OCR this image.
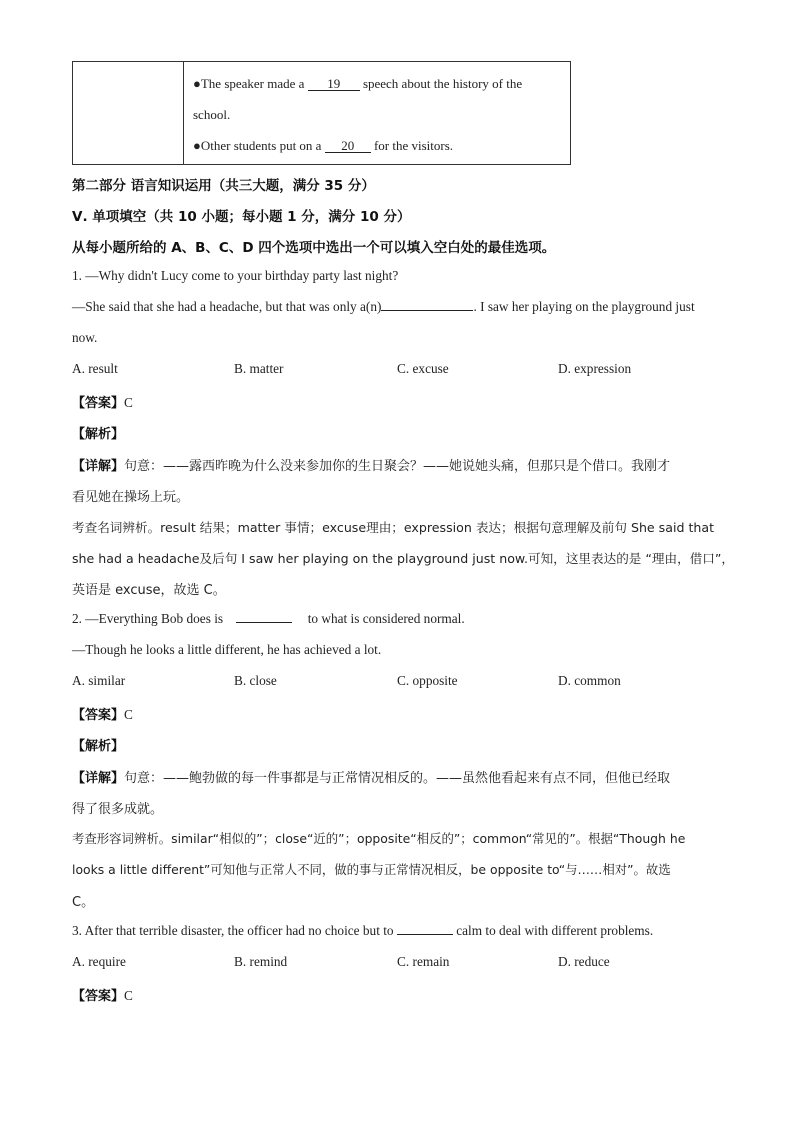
●The speaker made a 19 speech about the history of the
school.
●Other students put on a 20 for the visitors.
第二部分 语言知识运用（共三大题，满分 35 分）
Ⅴ. 单项填空（共 10 小题；每小题 1 分，满分 10 分）
从每小题所给的 A、B、C、D 四个选项中选出一个可以填入空白处的最佳选项。
1. —Why didn't Lucy come to your birthday party last night?
—She said that she had a headache, but that was only a(n)	. I saw her playing on the playground just
now.
A. result	B. matter	C. excuse	D. expression
【答案】C
【解析】
【详解】句意：——露西昨晚为什么没来参加你的生日聚会？——她说她头痛，但那只是个借口。我刚才
看见她在操场上玩。
考查名词辨析。result 结果；matter 事情；excuse理由；expression 表达；根据句意理解及前句 She said that
she had a headache及后句 I saw her playing on the playground just now.可知，这里表达的是 “理由，借口”，
英语是 excuse，故选 C。
2. —Everything Bob does is	to what is considered normal.
—Though he looks a little different, he has achieved a lot.
A. similar	B. close	C. opposite	D. common
【答案】C
【解析】
【详解】句意：——鲍勃做的每一件事都是与正常情况相反的。——虽然他看起来有点不同，但他已经取
得了很多成就。
考查形容词辨析。similar“相似的”；close“近的”；opposite“相反的”；common“常见的”。根据“Though he
looks a little different”可知他与正常人不同，做的事与正常情况相反，be opposite to“与……相对”。故选
C。
3. After that terrible disaster, the officer had no choice but to	calm to deal with different problems.
A. require	B. remind	C. remain	D. reduce
【答案】C
